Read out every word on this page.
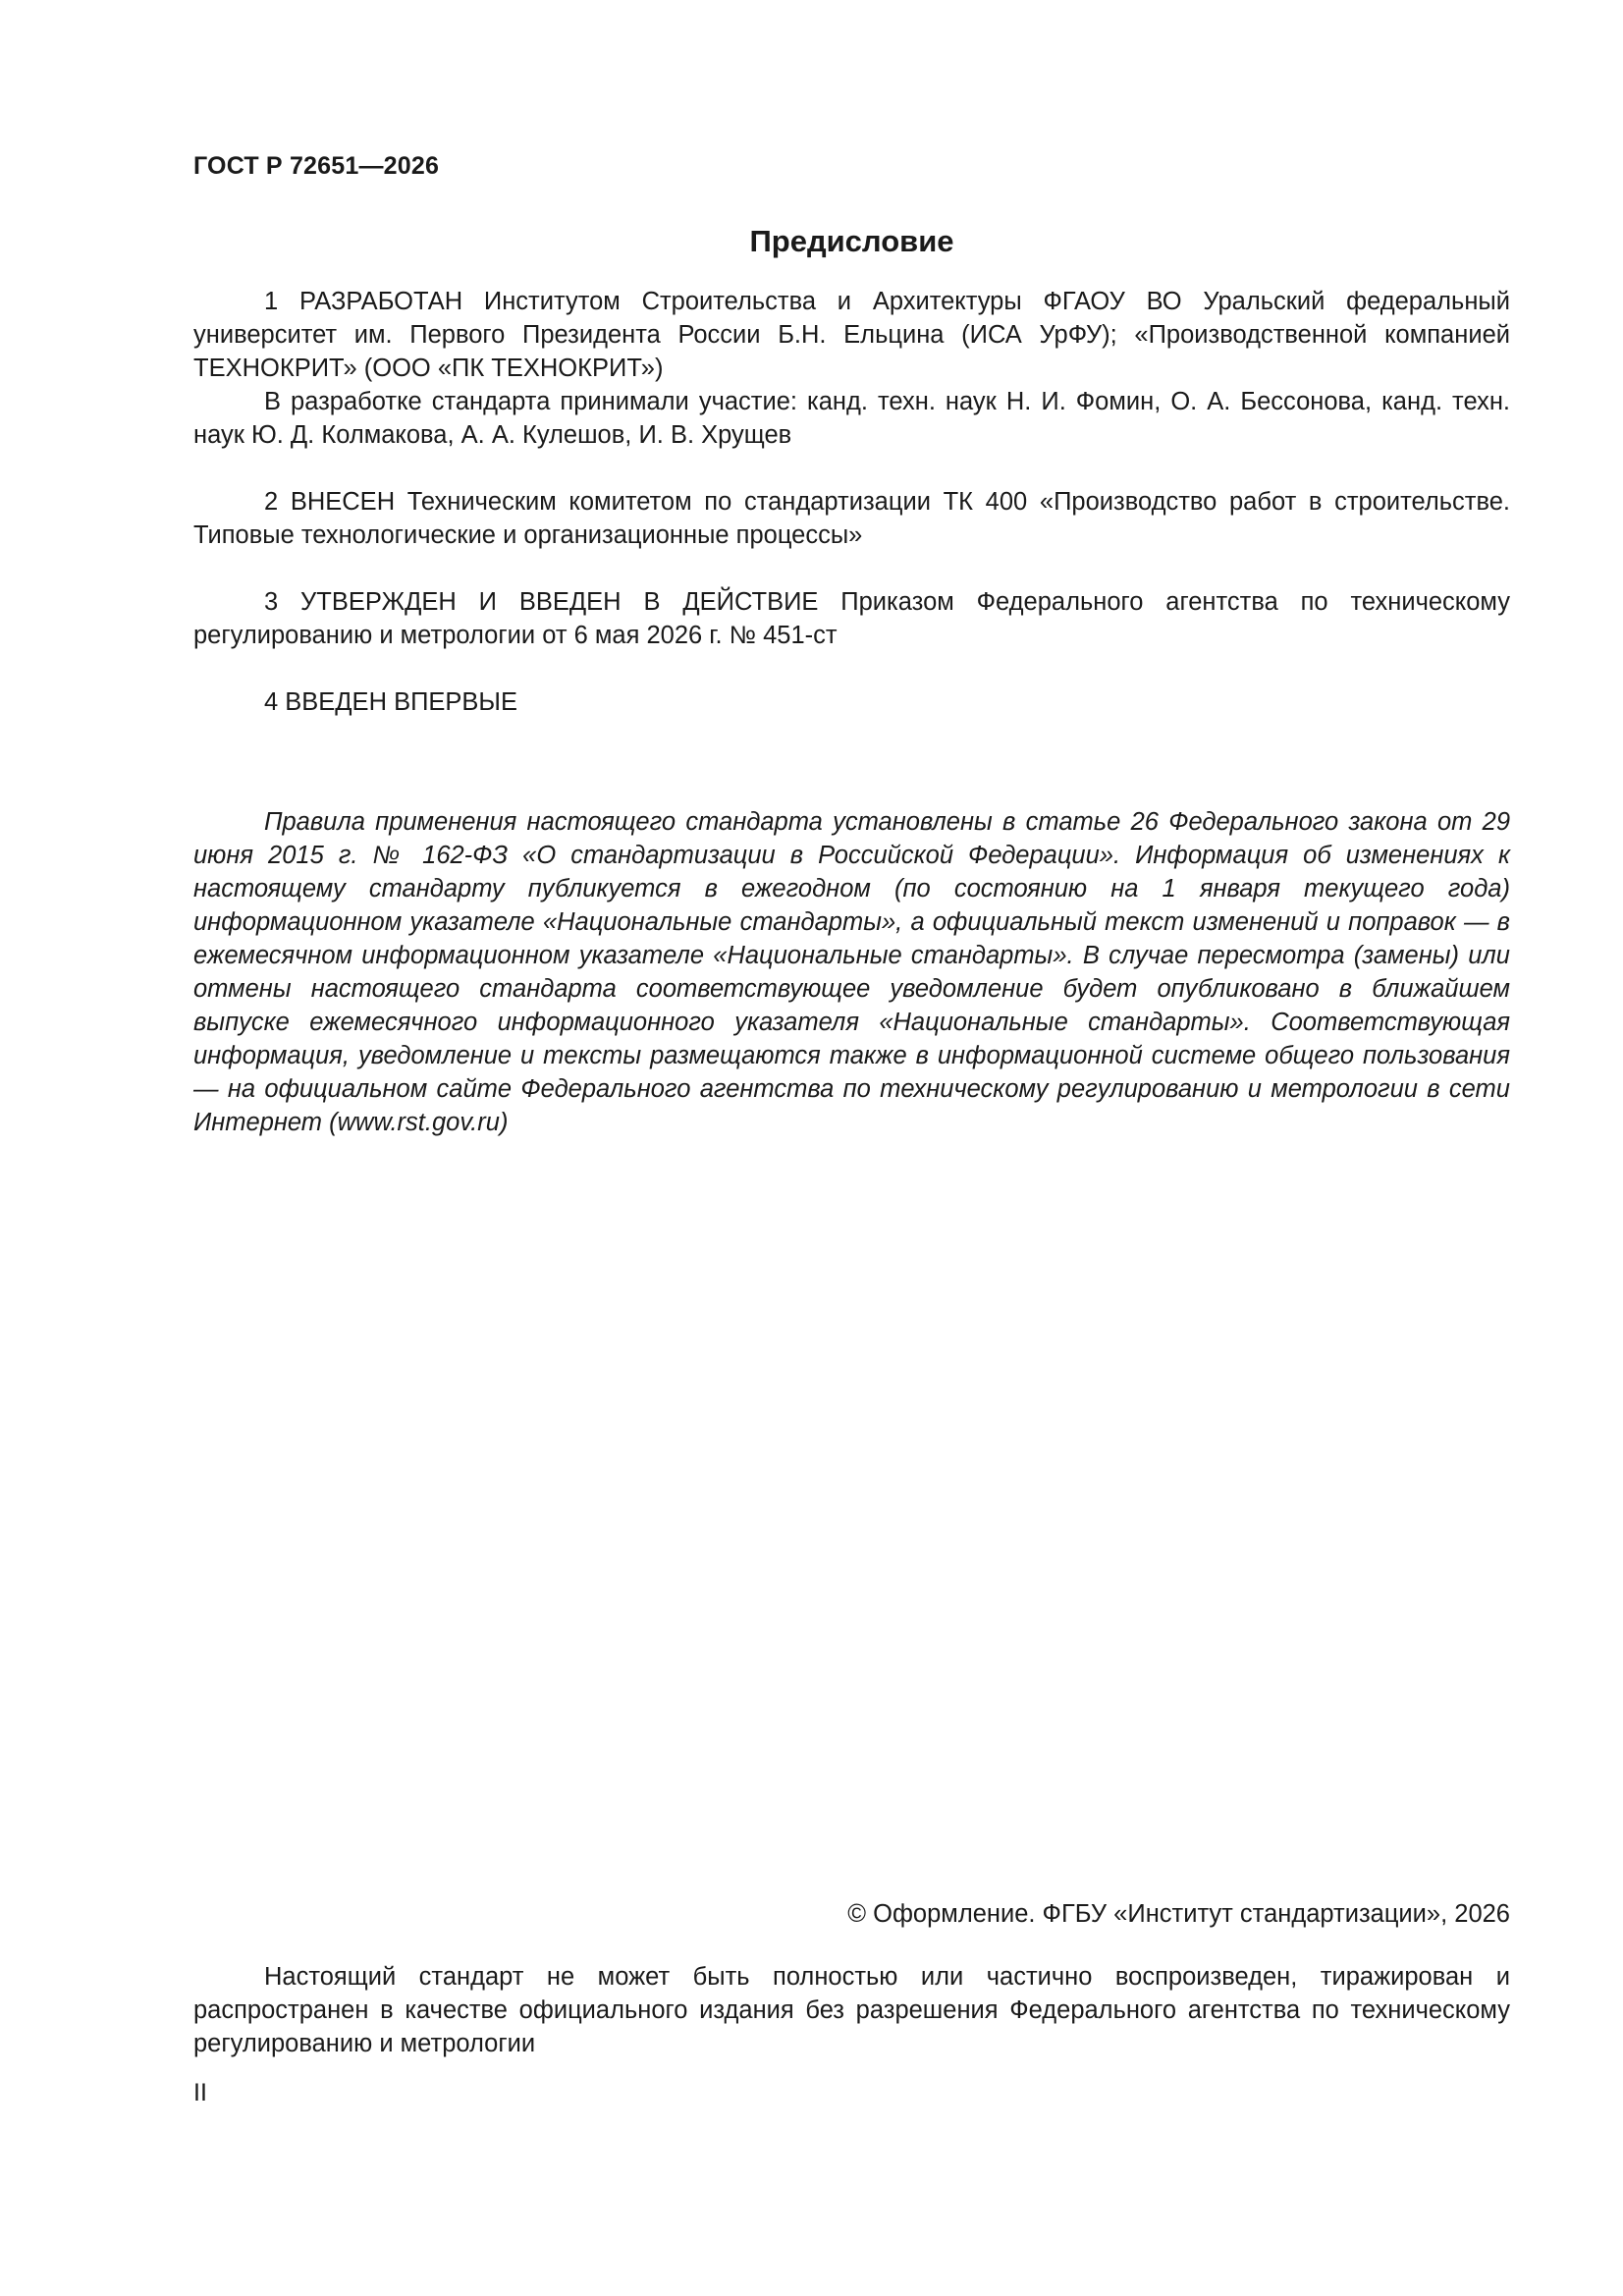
ГОСТ Р 72651—2026
Предисловие

1 РАЗРАБОТАН Институтом Строительства и Архитектуры ФГАОУ ВО Уральский федеральный университет им. Первого Президента России Б.Н. Ельцина (ИСА УрФУ); «Производственной компанией ТЕХНОКРИТ» (ООО «ПК ТЕХНОКРИТ»)

В разработке стандарта принимали участие: канд. техн. наук Н. И. Фомин, О. А. Бессонова, канд. техн. наук Ю. Д. Колмакова, А. А. Кулешов, И. В. Хрущев

2 ВНЕСЕН Техническим комитетом по стандартизации ТК 400 «Производство работ в строительстве. Типовые технологические и организационные процессы»

3 УТВЕРЖДЕН И ВВЕДЕН В ДЕЙСТВИЕ Приказом Федерального агентства по техническому регулированию и метрологии от 6 мая 2026 г. № 451-ст

4 ВВЕДЕН ВПЕРВЫЕ

Правила применения настоящего стандарта установлены в статье 26 Федерального закона от 29 июня 2015 г. № 162-ФЗ «О стандартизации в Российской Федерации». Информация об изменениях к настоящему стандарту публикуется в ежегодном (по состоянию на 1 января текущего года) информационном указателе «Национальные стандарты», а официальный текст изменений и поправок — в ежемесячном информационном указателе «Национальные стандарты». В случае пересмотра (замены) или отмены настоящего стандарта соответствующее уведомление будет опубликовано в ближайшем выпуске ежемесячного информационного указателя «Национальные стандарты». Соответствующая информация, уведомление и тексты размещаются также в информационной системе общего пользования — на официальном сайте Федерального агентства по техническому регулированию и метрологии в сети Интернет (www.rst.gov.ru)

© Оформление. ФГБУ «Институт стандартизации», 2026

Настоящий стандарт не может быть полностью или частично воспроизведен, тиражирован и распространен в качестве официального издания без разрешения Федерального агентства по техническому регулированию и метрологии

II
